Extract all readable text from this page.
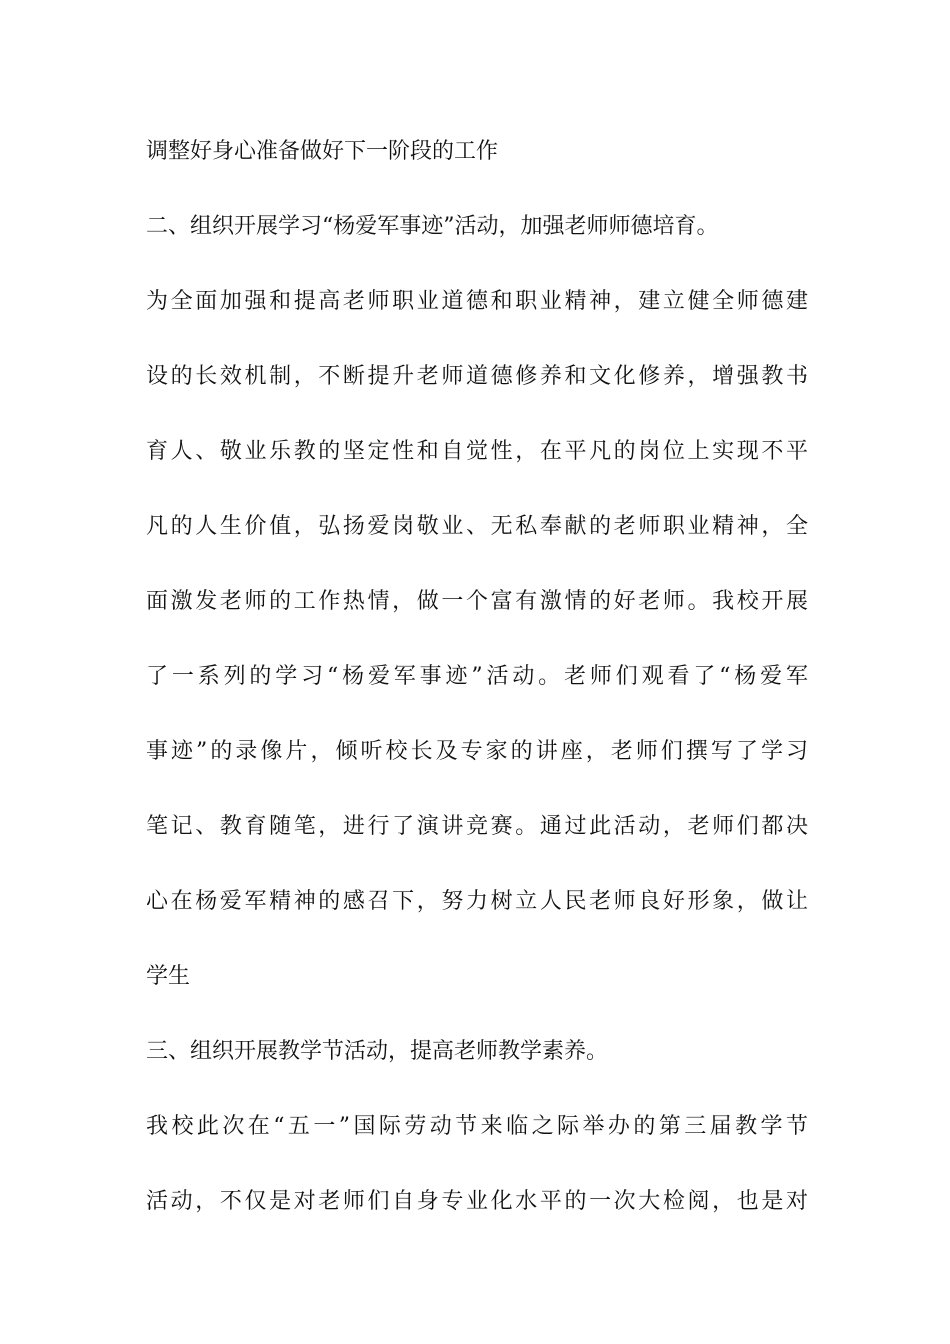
调整好身心准备做好下一阶段的工作

二、组织开展学习“杨爱军事迹”活动，加强老师师德培育。

为全面加强和提高老师职业道德和职业精神，建立健全师德建

设的长效机制，不断提升老师道德修养和文化修养，增强教书

育人、敬业乐教的坚定性和自觉性，在平凡的岗位上实现不平

凡的人生价值，弘扬爱岗敬业、无私奉献的老师职业精神，全

面激发老师的工作热情，做一个富有激情的好老师。我校开展

了一系列的学习“杨爱军事迹”活动。老师们观看了“杨爱军

事迹”的录像片，倾听校长及专家的讲座，老师们撰写了学习

笔记、教育随笔，进行了演讲竞赛。通过此活动，老师们都决

心在杨爱军精神的感召下，努力树立人民老师良好形象，做让

学生

三、组织开展教学节活动，提高老师教学素养。

我校此次在“五一”国际劳动节来临之际举办的第三届教学节

活动，不仅是对老师们自身专业化水平的一次大检阅，也是对
